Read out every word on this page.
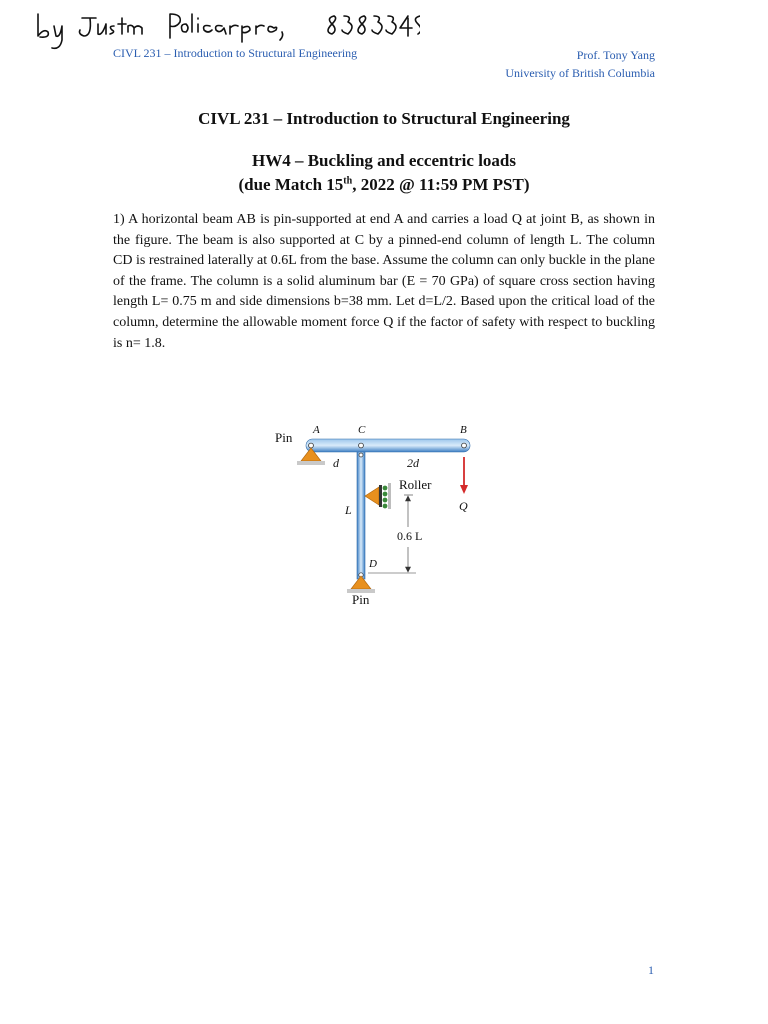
CIVL 231 – Introduction to Structural Engineering	Prof. Tony Yang
University of British Columbia
CIVL 231 – Introduction to Structural Engineering
HW4 – Buckling and eccentric loads
(due Match 15th, 2022 @ 11:59 PM PST)
1) A horizontal beam AB is pin-supported at end A and carries a load Q at joint B, as shown in the figure. The beam is also supported at C by a pinned-end column of length L. The column CD is restrained laterally at 0.6L from the base. Assume the column can only buckle in the plane of the frame. The column is a solid aluminum bar (E = 70 GPa) of square cross section having length L= 0.75 m and side dimensions b=38 mm. Let d=L/2. Based upon the critical load of the column, determine the allowable moment force Q if the factor of safety with respect to buckling is n= 1.8.
Pin A	C	B
d	2d
Roller
Q
L
0.6 L
D
Pin
1
